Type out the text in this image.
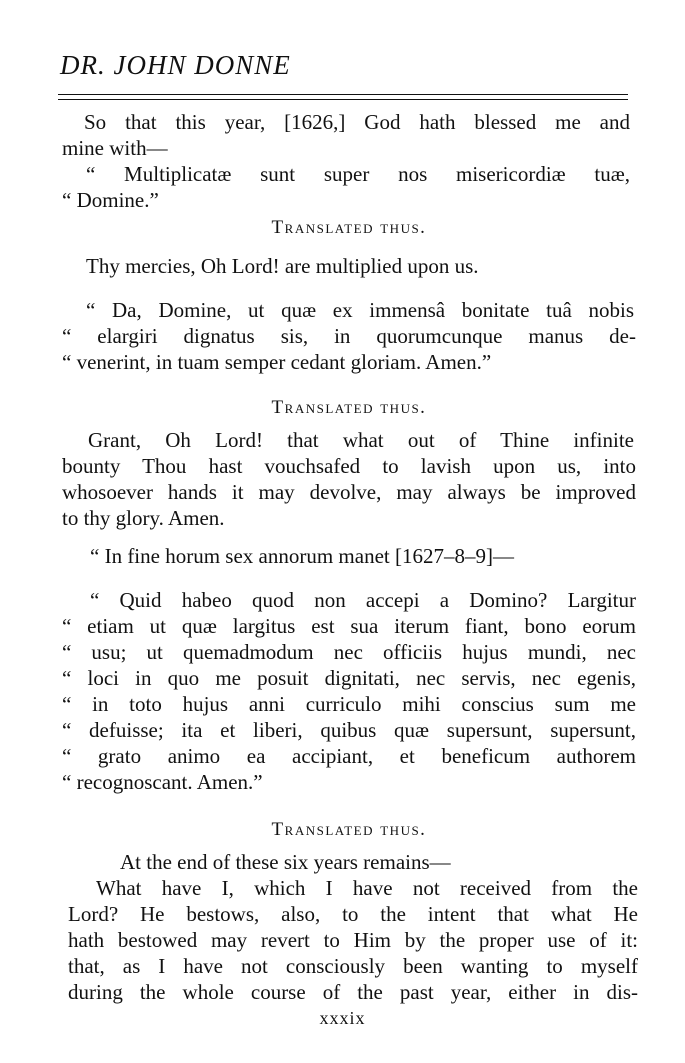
DR. JOHN DONNE
So that this year, [1626,] God hath blessed me and
mine with—
“ Multiplicatæ sunt super nos misericordiæ tuæ,
“ Domine.”
Translated thus.
Thy mercies, Oh Lord! are multiplied upon us.
“ Da, Domine, ut quæ ex immensâ bonitate tuâ nobis
“ elargiri dignatus sis, in quorumcunque manus de-
“ venerint, in tuam semper cedant gloriam. Amen.”
Translated thus.
Grant, Oh Lord! that what out of Thine infinite
bounty Thou hast vouchsafed to lavish upon us, into
whosoever hands it may devolve, may always be improved
to thy glory. Amen.
“ In fine horum sex annorum manet [1627–8–9]—
“ Quid habeo quod non accepi a Domino? Largitur
“ etiam ut quæ largitus est sua iterum fiant, bono eorum
“ usu; ut quemadmodum nec officiis hujus mundi, nec
“ loci in quo me posuit dignitati, nec servis, nec egenis,
“ in toto hujus anni curriculo mihi conscius sum me
“ defuisse; ita et liberi, quibus quæ supersunt, supersunt,
“ grato animo ea accipiant, et beneficum authorem
“ recognoscant. Amen.”
Translated thus.
At the end of these six years remains—
What have I, which I have not received from the
Lord? He bestows, also, to the intent that what He
hath bestowed may revert to Him by the proper use of it:
that, as I have not consciously been wanting to myself
during the whole course of the past year, either in dis-
xxxix
